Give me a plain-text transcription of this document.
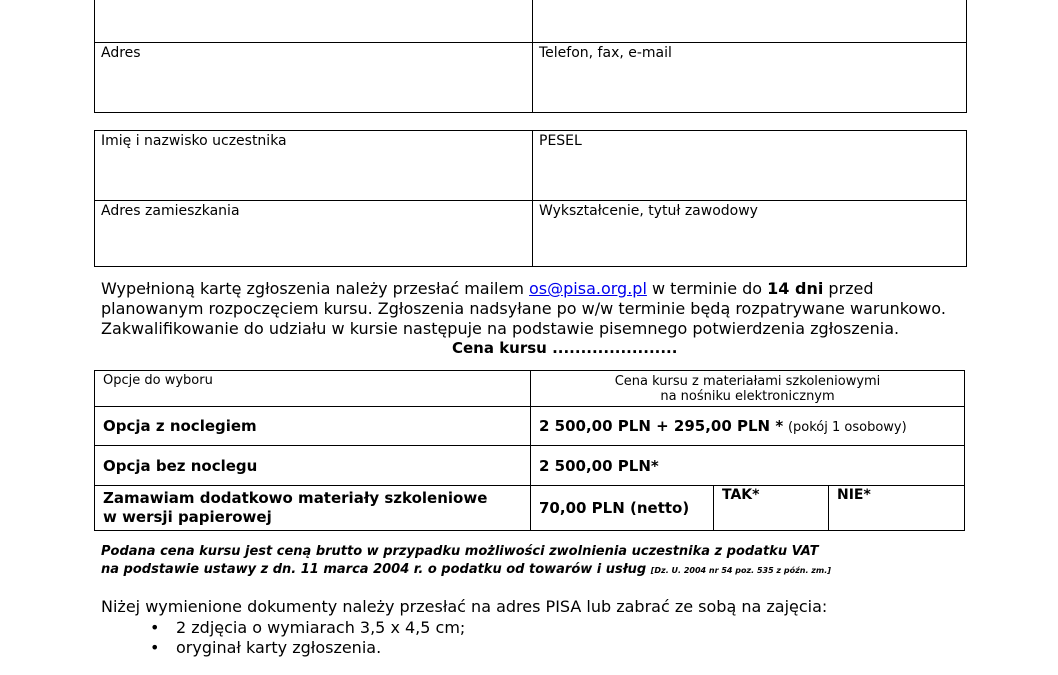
Adres	Telefon, fax, e-mail
Imię i nazwisko uczestnika	PESEL
Adres zamieszkania	Wykształcenie, tytuł zawodowy
Wypełnioną kartę zgłoszenia należy przesłać mailem os@pisa.org.pl w terminie do 14 dni przed
planowanym rozpoczęciem kursu. Zgłoszenia nadsyłane po w/w terminie będą rozpatrywane warunkowo.
Zakwalifikowanie do udziału w kursie następuje na podstawie pisemnego potwierdzenia zgłoszenia.
Cena kursu ......................
Opcje do wyboru	Cena kursu z materiałami szkoleniowymi
na nośniku elektronicznym		

Opcja z noclegiem	2 500,00 PLN + 295,00 PLN * (pokój 1 osobowy)		
Opcja bez noclegu	2 500,00 PLN*		

Zamawiam dodatkowo materiały szkoleniowe
w wersji papierowej	70,00 PLN (netto)	TAK*	NIE*
Podana cena kursu jest ceną brutto w przypadku możliwości zwolnienia uczestnika z podatku VAT
na podstawie ustawy z dn. 11 marca 2004 r. o podatku od towarów i usług [Dz. U. 2004 nr 54 poz. 535 z późn. zm.]
Niżej wymienione dokumenty należy przesłać na adres PISA lub zabrać ze sobą na zajęcia:
• 2 zdjęcia o wymiarach 3,5 x 4,5 cm;
• oryginał karty zgłoszenia.
